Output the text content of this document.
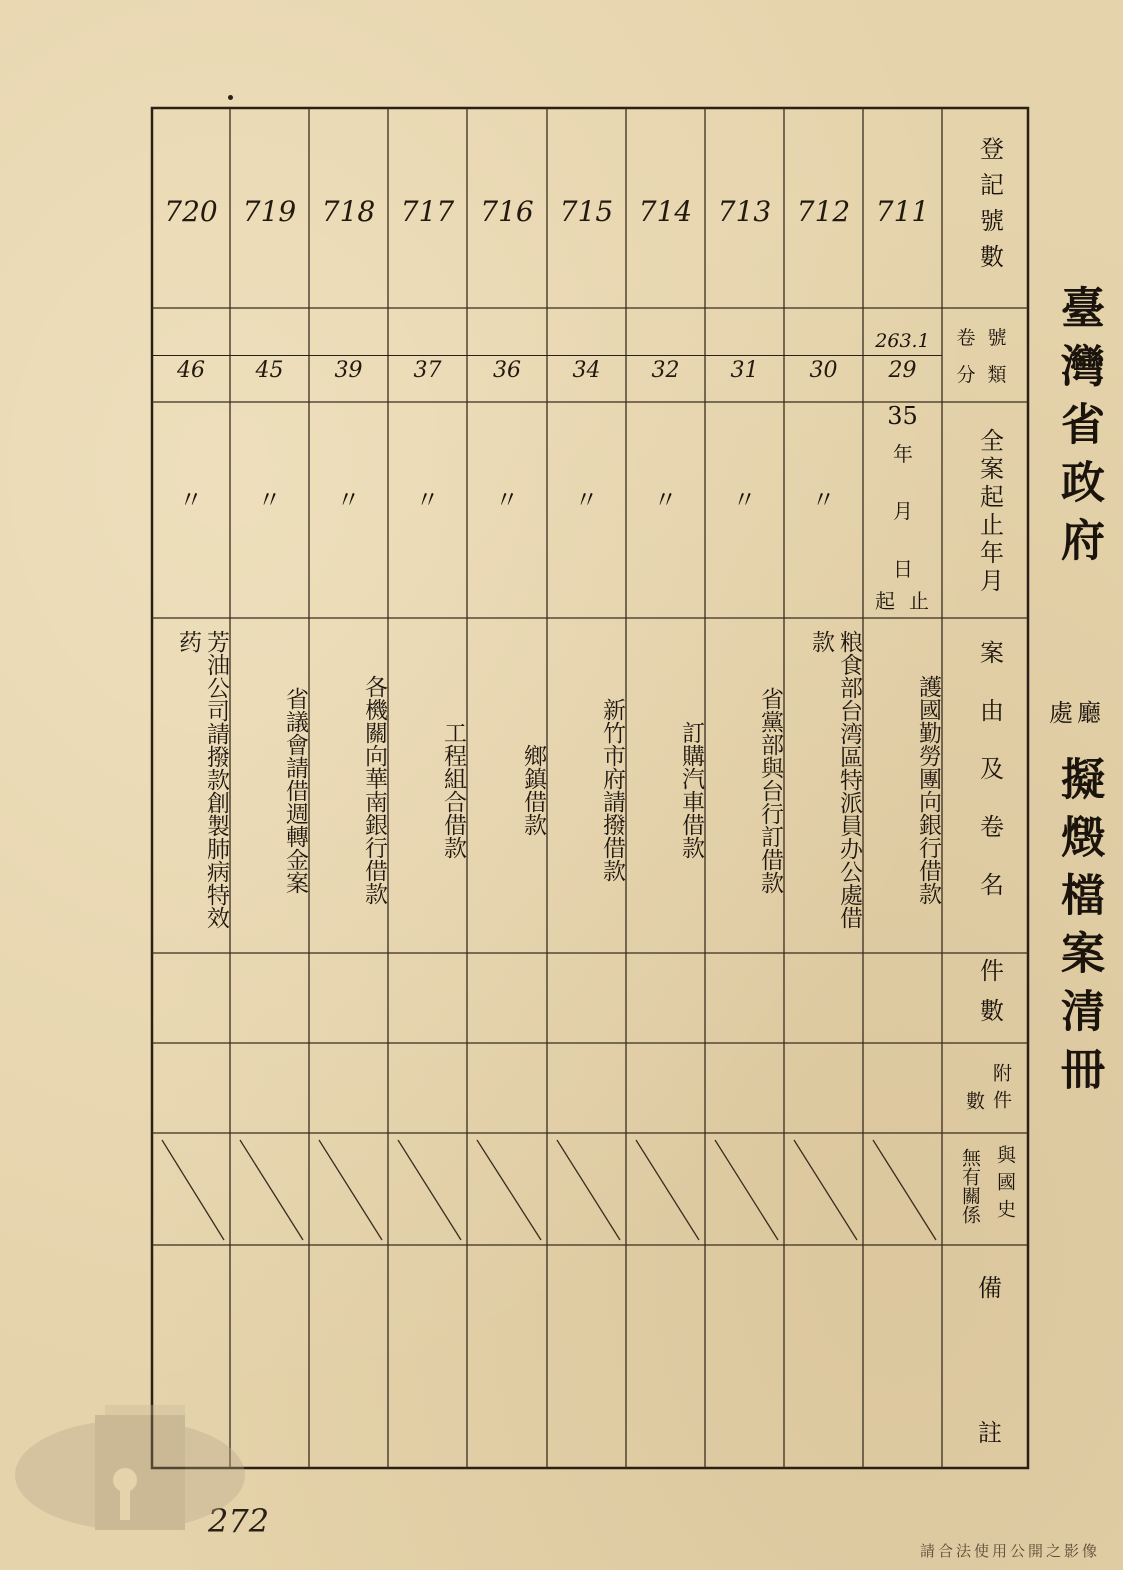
臺灣省政府
處 廳
擬燬檔案清冊
登記號數
卷號
分類
全案起止年月
案由及卷名
件數
數 附件
無有關係 與國史
備
註
711
263.1
29
35
護國勤勞團向銀行借款
712
30
〃
粮食部台湾區特派員办公處借款
713
31
〃
省黨部與台行訂借款
714
32
〃
訂購汽車借款
715
34
〃
新竹市府請撥借款
716
36
〃
鄉鎮借款
717
37
〃
工程組合借款
718
39
〃
各機關向華南銀行借款
719
45
〃
省議會請借週轉金案
720
46
〃
芳油公司請撥款創製肺病特效药
年
月
日
起 止
272
請合法使用公開之影像
